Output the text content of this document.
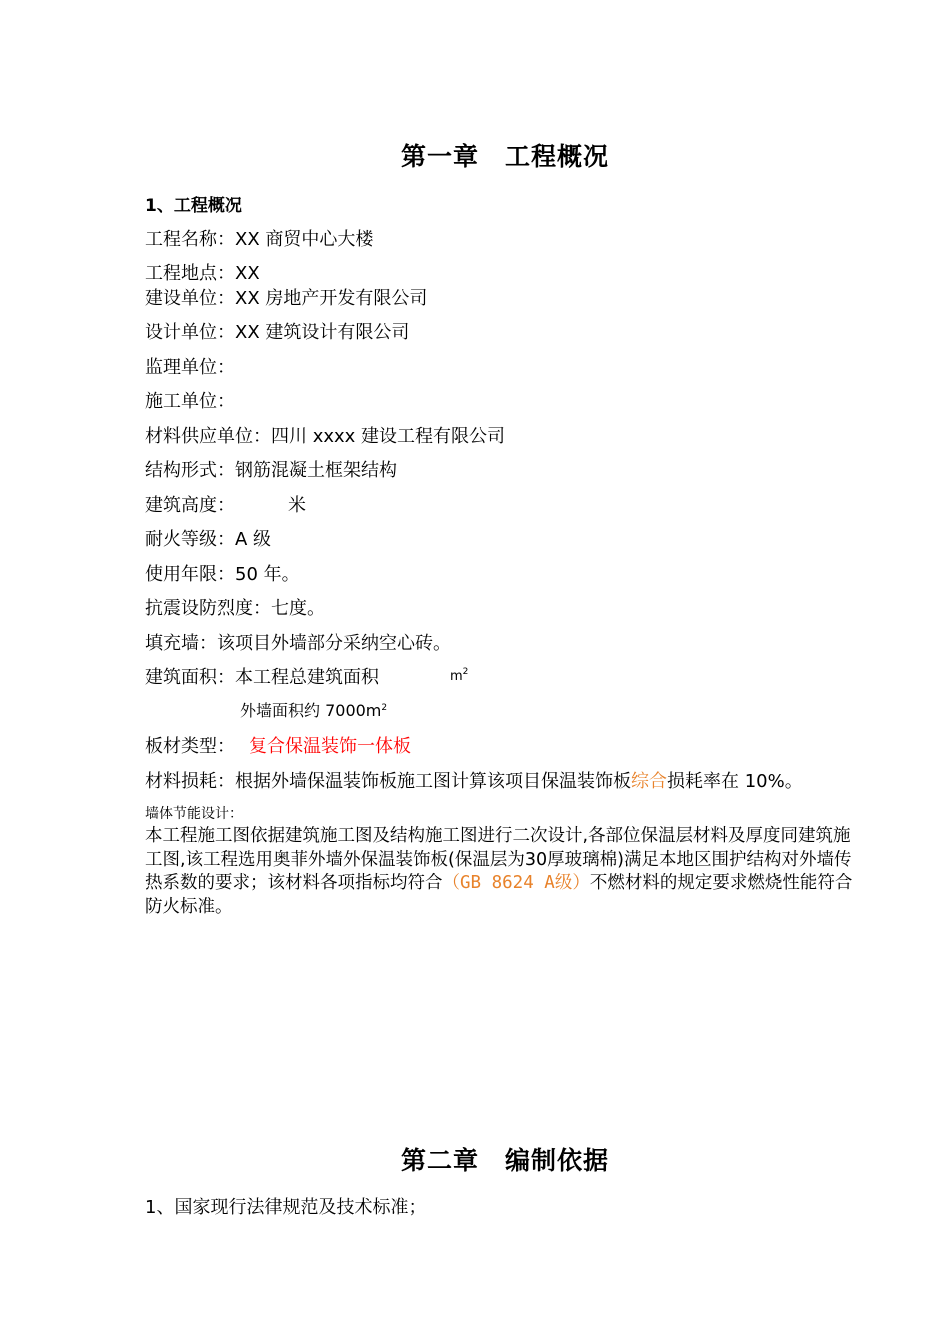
第一章　工程概况
1、工程概况
工程名称：XX 商贸中心大楼
工程地点：XX
建设单位：XX 房地产开发有限公司
设计单位：XX 建筑设计有限公司
监理单位：
施工单位：
材料供应单位：四川 xxxx 建设工程有限公司
结构形式：钢筋混凝土框架结构
建筑高度：	米
耐火等级：A 级
使用年限：50 年。
抗震设防烈度：七度。
填充墙：该项目外墙部分采纳空心砖。
建筑面积：本工程总建筑面积	$m^2$
外墙面积约 $7000m^2$
板材类型： 复合保温装饰一体板
材料损耗：根据外墙保温装饰板施工图计算该项目保温装饰板综合损耗率在 10%。
墙体节能设计：
本工程施工图依据建筑施工图及结构施工图进行二次设计,各部位保温层材料及厚度同建筑施工图,该工程选用奥菲外墙外保温装饰板(保温层为30厚玻璃棉)满足本地区围护结构对外墙传热系数的要求；该材料各项指标均符合（GB 8624 A级）不燃材料的规定要求燃烧性能符合防火标准。
第二章　编制依据
1、国家现行法律规范及技术标准；
